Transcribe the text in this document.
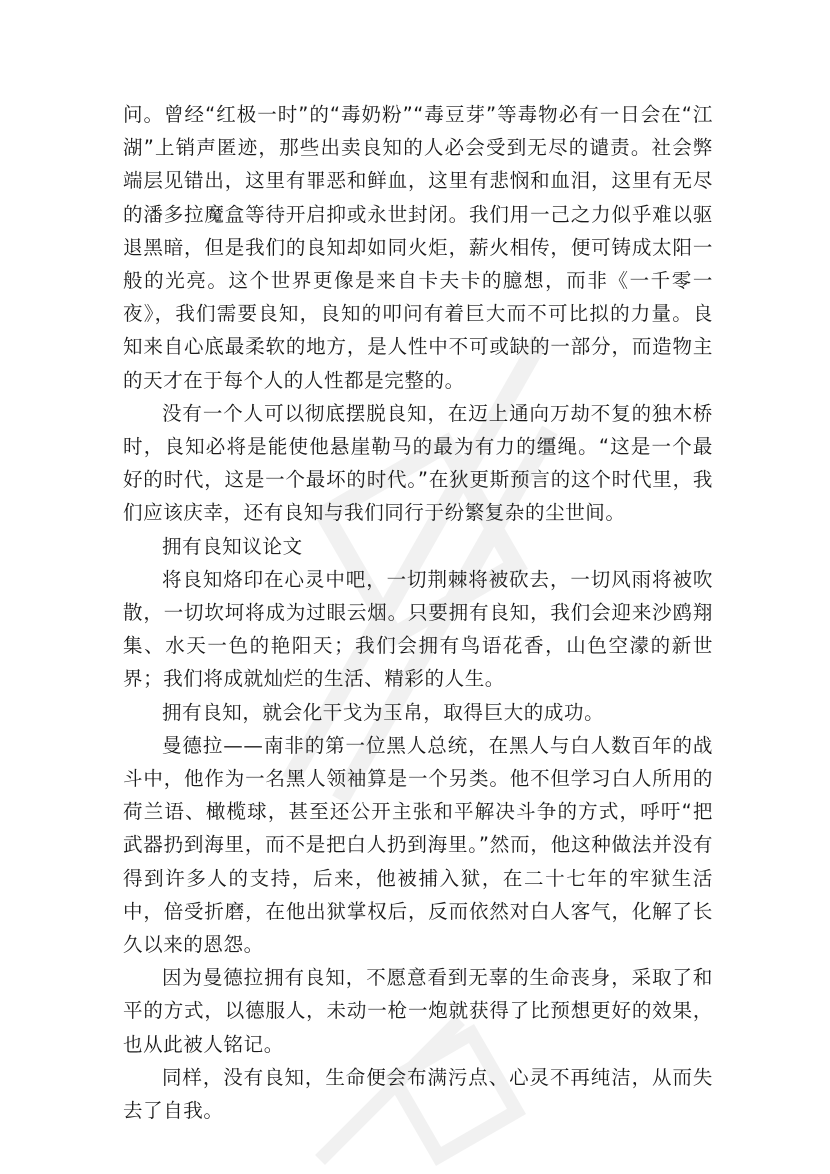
问。曾经“红极一时”的“毒奶粉”“毒豆芽”等毒物必有一日会在“江湖”上销声匿迹，那些出卖良知的人必会受到无尽的谴责。社会弊端层见错出，这里有罪恶和鲜血，这里有悲悯和血泪，这里有无尽的潘多拉魔盒等待开启抑或永世封闭。我们用一己之力似乎难以驱退黑暗，但是我们的良知却如同火炬，薪火相传，便可铸成太阳一般的光亮。这个世界更像是来自卡夫卡的臆想，而非《一千零一夜》，我们需要良知，良知的叩问有着巨大而不可比拟的力量。良知来自心底最柔软的地方，是人性中不可或缺的一部分，而造物主的天才在于每个人的人性都是完整的。

没有一个人可以彻底摆脱良知，在迈上通向万劫不复的独木桥时，良知必将是能使他悬崖勒马的最为有力的缰绳。“这是一个最好的时代，这是一个最坏的时代。”在狄更斯预言的这个时代里，我们应该庆幸，还有良知与我们同行于纷繁复杂的尘世间。

拥有良知议论文

将良知烙印在心灵中吧，一切荆棘将被砍去，一切风雨将被吹散，一切坎坷将成为过眼云烟。只要拥有良知，我们会迎来沙鸥翔集、水天一色的艳阳天；我们会拥有鸟语花香，山色空濛的新世界；我们将成就灿烂的生活、精彩的人生。

拥有良知，就会化干戈为玉帛，取得巨大的成功。

曼德拉——南非的第一位黑人总统，在黑人与白人数百年的战斗中，他作为一名黑人领袖算是一个另类。他不但学习白人所用的荷兰语、橄榄球，甚至还公开主张和平解决斗争的方式，呼吁“把武器扔到海里，而不是把白人扔到海里。”然而，他这种做法并没有得到许多人的支持，后来，他被捕入狱，在二十七年的牢狱生活中，倍受折磨，在他出狱掌权后，反而依然对白人客气，化解了长久以来的恩怨。

因为曼德拉拥有良知，不愿意看到无辜的生命丧身，采取了和平的方式，以德服人，未动一枪一炮就获得了比预想更好的效果，也从此被人铭记。

同样，没有良知，生命便会布满污点、心灵不再纯洁，从而失去了自我。
